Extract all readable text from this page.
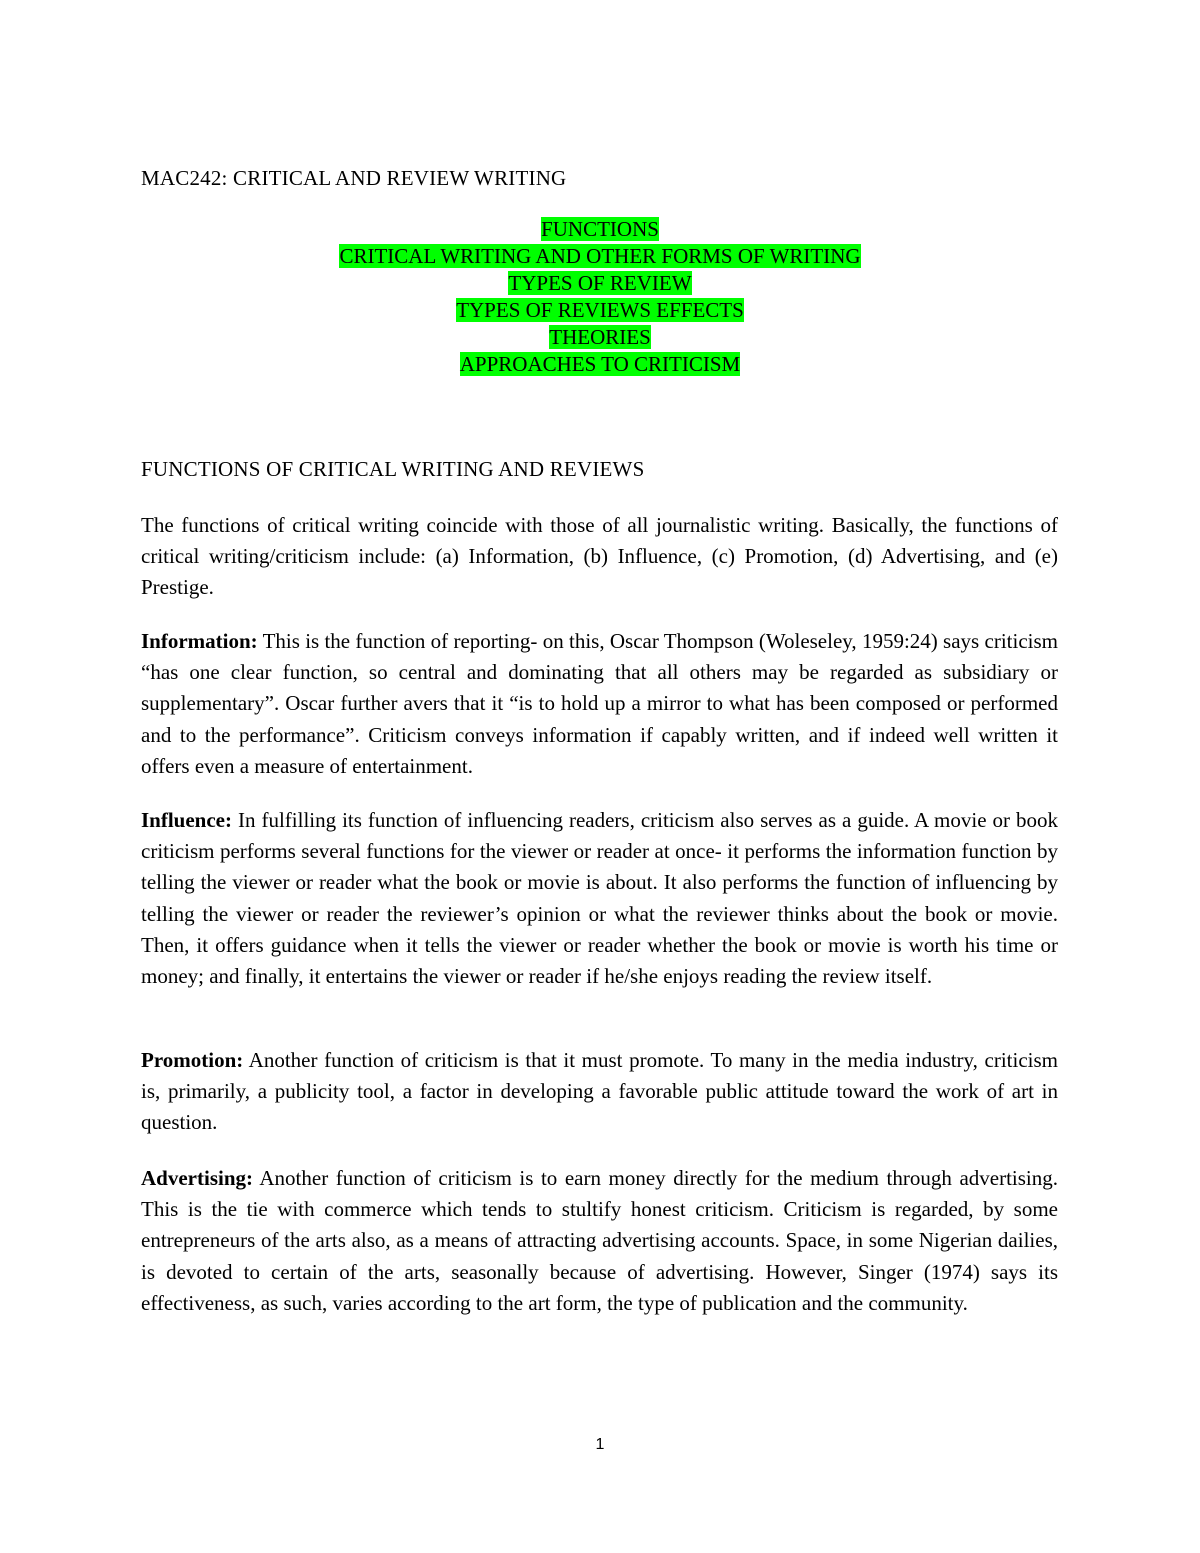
MAC242: CRITICAL AND REVIEW WRITING
FUNCTIONS
CRITICAL WRITING AND OTHER FORMS OF WRITING
TYPES OF REVIEW
TYPES OF REVIEWS EFFECTS
THEORIES
APPROACHES TO CRITICISM
FUNCTIONS OF CRITICAL WRITING AND REVIEWS

The functions of critical writing coincide with those of all journalistic writing. Basically, the functions of critical writing/criticism include: (a) Information, (b) Influence, (c) Promotion, (d) Advertising, and (e) Prestige.

Information: This is the function of reporting- on this, Oscar Thompson (Woleseley, 1959:24) says criticism “has one clear function, so central and dominating that all others may be regarded as subsidiary or supplementary”. Oscar further avers that it “is to hold up a mirror to what has been composed or performed and to the performance”. Criticism conveys information if capably written, and if indeed well written it offers even a measure of entertainment.

Influence: In fulfilling its function of influencing readers, criticism also serves as a guide. A movie or book criticism performs several functions for the viewer or reader at once- it performs the information function by telling the viewer or reader what the book or movie is about. It also performs the function of influencing by telling the viewer or reader the reviewer’s opinion or what the reviewer thinks about the book or movie. Then, it offers guidance when it tells the viewer or reader whether the book or movie is worth his time or money; and finally, it entertains the viewer or reader if he/she enjoys reading the review itself.

Promotion: Another function of criticism is that it must promote. To many in the media industry, criticism is, primarily, a publicity tool, a factor in developing a favorable public attitude toward the work of art in question.

Advertising: Another function of criticism is to earn money directly for the medium through advertising. This is the tie with commerce which tends to stultify honest criticism. Criticism is regarded, by some entrepreneurs of the arts also, as a means of attracting advertising accounts. Space, in some Nigerian dailies, is devoted to certain of the arts, seasonally because of advertising. However, Singer (1974) says its effectiveness, as such, varies according to the art form, the type of publication and the community.

1
